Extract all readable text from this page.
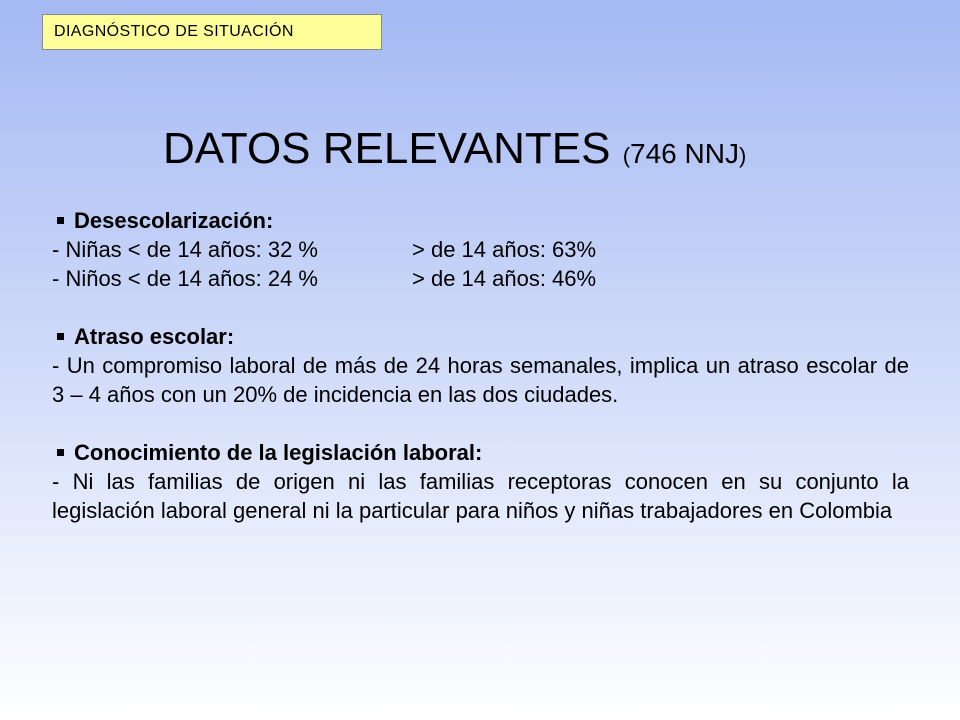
DIAGNÓSTICO DE SITUACIÓN
DATOS RELEVANTES (746 NNJ)
Desescolarización:
- Niñas < de 14 años: 32 %	> de 14 años: 63%
- Niños < de 14 años: 24 %	> de 14 años: 46%
Atraso escolar:
- Un compromiso laboral de más de 24 horas semanales, implica un atraso escolar de 3 – 4 años con un 20% de incidencia en las dos ciudades.
Conocimiento de la legislación laboral:
- Ni las familias de origen ni las familias receptoras conocen en su conjunto la legislación laboral general ni la particular para niños y niñas trabajadores en Colombia
